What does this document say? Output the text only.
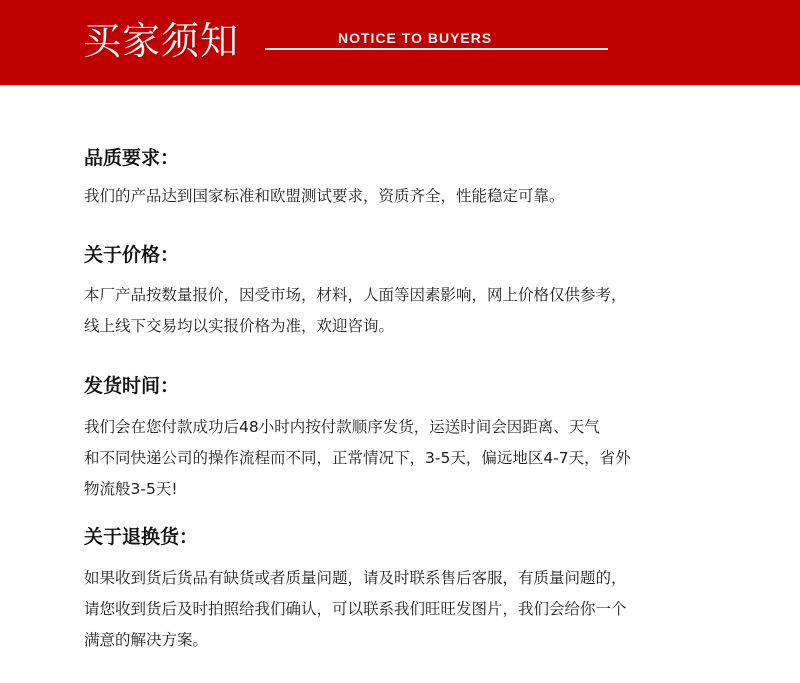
买家须知	NOTICE TO BUYERS
品质要求：

我们的产品达到国家标准和欧盟测试要求，资质齐全，性能稳定可靠。

关于价格：

本厂产品按数量报价，因受市场，材料，人面等因素影响，网上价格仅供参考，
线上线下交易均以实报价格为准，欢迎咨询。

发货时间：

我们会在您付款成功后48小时内按付款顺序发货，运送时间会因距离、天气
和不同快递公司的操作流程而不同，正常情况下，3-5天，偏远地区4-7天，省外
物流般3-5天!

关于退换货：

如果收到货后货品有缺货或者质量问题，请及时联系售后客服，有质量问题的，
请您收到货后及时拍照给我们确认，可以联系我们旺旺发图片，我们会给你一个
满意的解决方案。
